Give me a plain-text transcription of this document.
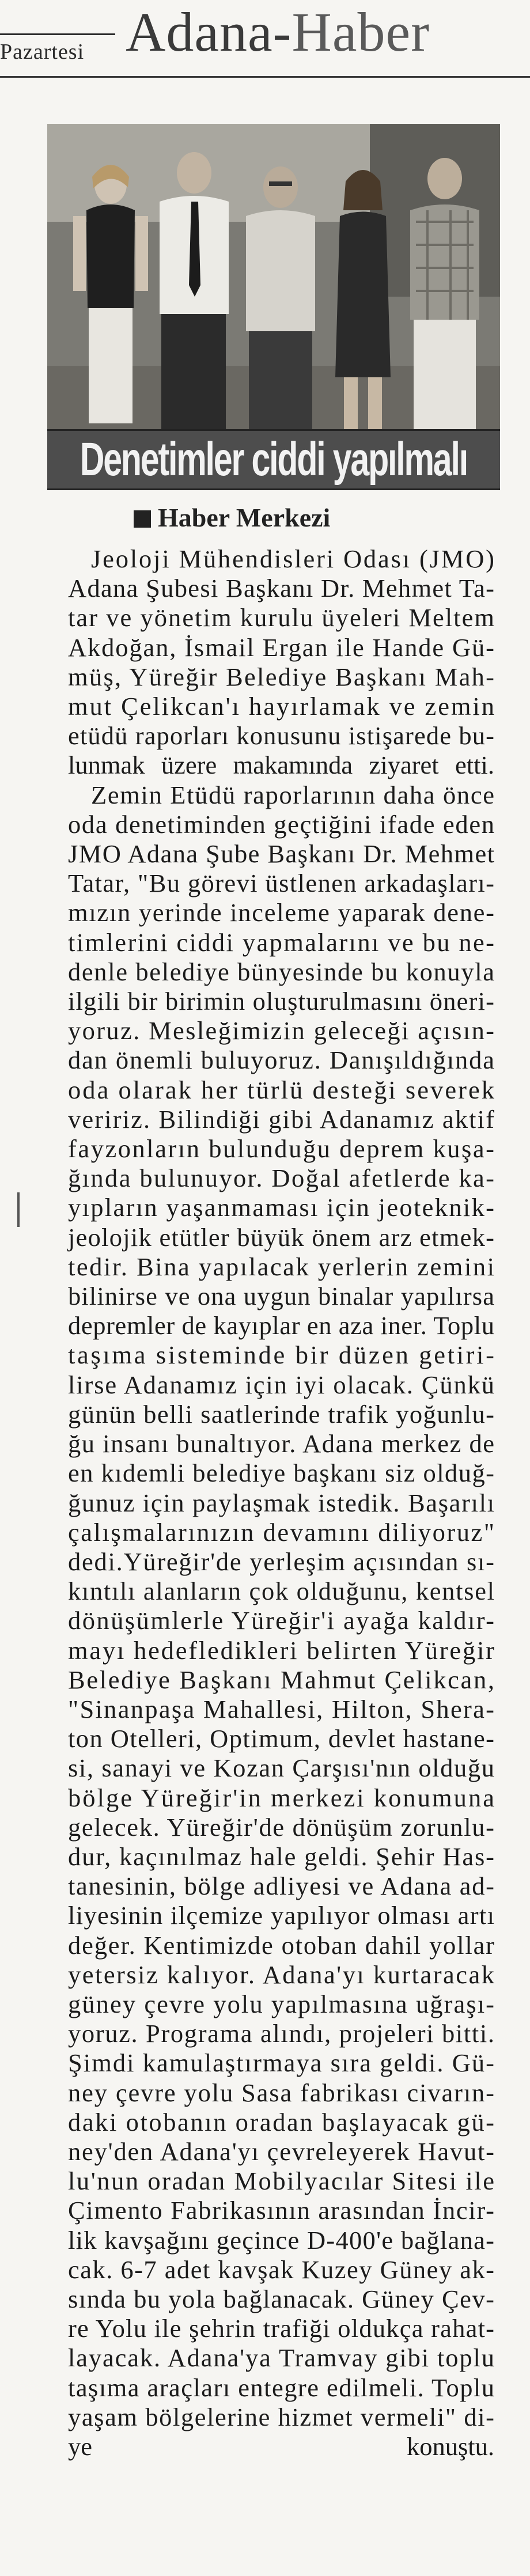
Pazartesi Adana-Haber
Denetimler ciddi yapılmalı
Haber Merkezi

Jeoloji Mühendisleri Odası (JMO)
Adana Şubesi Başkanı Dr. Mehmet Ta-
tar ve yönetim kurulu üyeleri Meltem
Akdoğan, İsmail Ergan ile Hande Gü-
müş, Yüreğir Belediye Başkanı Mah-
mut Çelikcan'ı hayırlamak ve zemin
etüdü raporları konusunu istişarede bu-
lunmak üzere makamında ziyaret etti.

Zemin Etüdü raporlarının daha önce
oda denetiminden geçtiğini ifade eden
JMO Adana Şube Başkanı Dr. Mehmet
Tatar, "Bu görevi üstlenen arkadaşları-
mızın yerinde inceleme yaparak dene-
timlerini ciddi yapmalarını ve bu ne-
denle belediye bünyesinde bu konuyla
ilgili bir birimin oluşturulmasını öneri-
yoruz. Mesleğimizin geleceği açısın-
dan önemli buluyoruz. Danışıldığında
oda olarak her türlü desteği severek
veririz. Bilindiği gibi Adanamız aktif
fayzonların bulunduğu deprem kuşa-
ğında bulunuyor. Doğal afetlerde ka-
yıpların yaşanmaması için jeoteknik-
jeolojik etütler büyük önem arz etmek-
tedir. Bina yapılacak yerlerin zemini
bilinirse ve ona uygun binalar yapılırsa
depremler de kayıplar en aza iner. Toplu
taşıma sisteminde bir düzen getiri-
lirse Adanamız için iyi olacak. Çünkü
günün belli saatlerinde trafik yoğunlu-
ğu insanı bunaltıyor. Adana merkez de
en kıdemli belediye başkanı siz olduğ-
ğunuz için paylaşmak istedik. Başarılı
çalışmalarınızın devamını diliyoruz"
dedi.Yüreğir'de yerleşim açısından sı-
kıntılı alanların çok olduğunu, kentsel
dönüşümlerle Yüreğir'i ayağa kaldır-
mayı hedefledikleri belirten Yüreğir
Belediye Başkanı Mahmut Çelikcan,
"Sinanpaşa Mahallesi, Hilton, Shera-
ton Otelleri, Optimum, devlet hastane-
si, sanayi ve Kozan Çarşısı'nın olduğu
bölge Yüreğir'in merkezi konumuna
gelecek. Yüreğir'de dönüşüm zorunlu-
dur, kaçınılmaz hale geldi. Şehir Has-
tanesinin, bölge adliyesi ve Adana ad-
liyesinin ilçemize yapılıyor olması artı
değer. Kentimizde otoban dahil yollar
yetersiz kalıyor. Adana'yı kurtaracak
güney çevre yolu yapılmasına uğraşı-
yoruz. Programa alındı, projeleri bitti.
Şimdi kamulaştırmaya sıra geldi. Gü-
ney çevre yolu Sasa fabrikası civarın-
daki otobanın oradan başlayacak gü-
ney'den Adana'yı çevreleyerek Havut-
lu'nun oradan Mobilyacılar Sitesi ile
Çimento Fabrikasının arasından İncir-
lik kavşağını geçince D-400'e bağlana-
cak. 6-7 adet kavşak Kuzey Güney ak-
sında bu yola bağlanacak. Güney Çev-
re Yolu ile şehrin trafiği oldukça rahat-
layacak. Adana'ya Tramvay gibi toplu
taşıma araçları entegre edilmeli. Toplu
yaşam bölgelerine hizmet vermeli" di-
ye konuştu.
